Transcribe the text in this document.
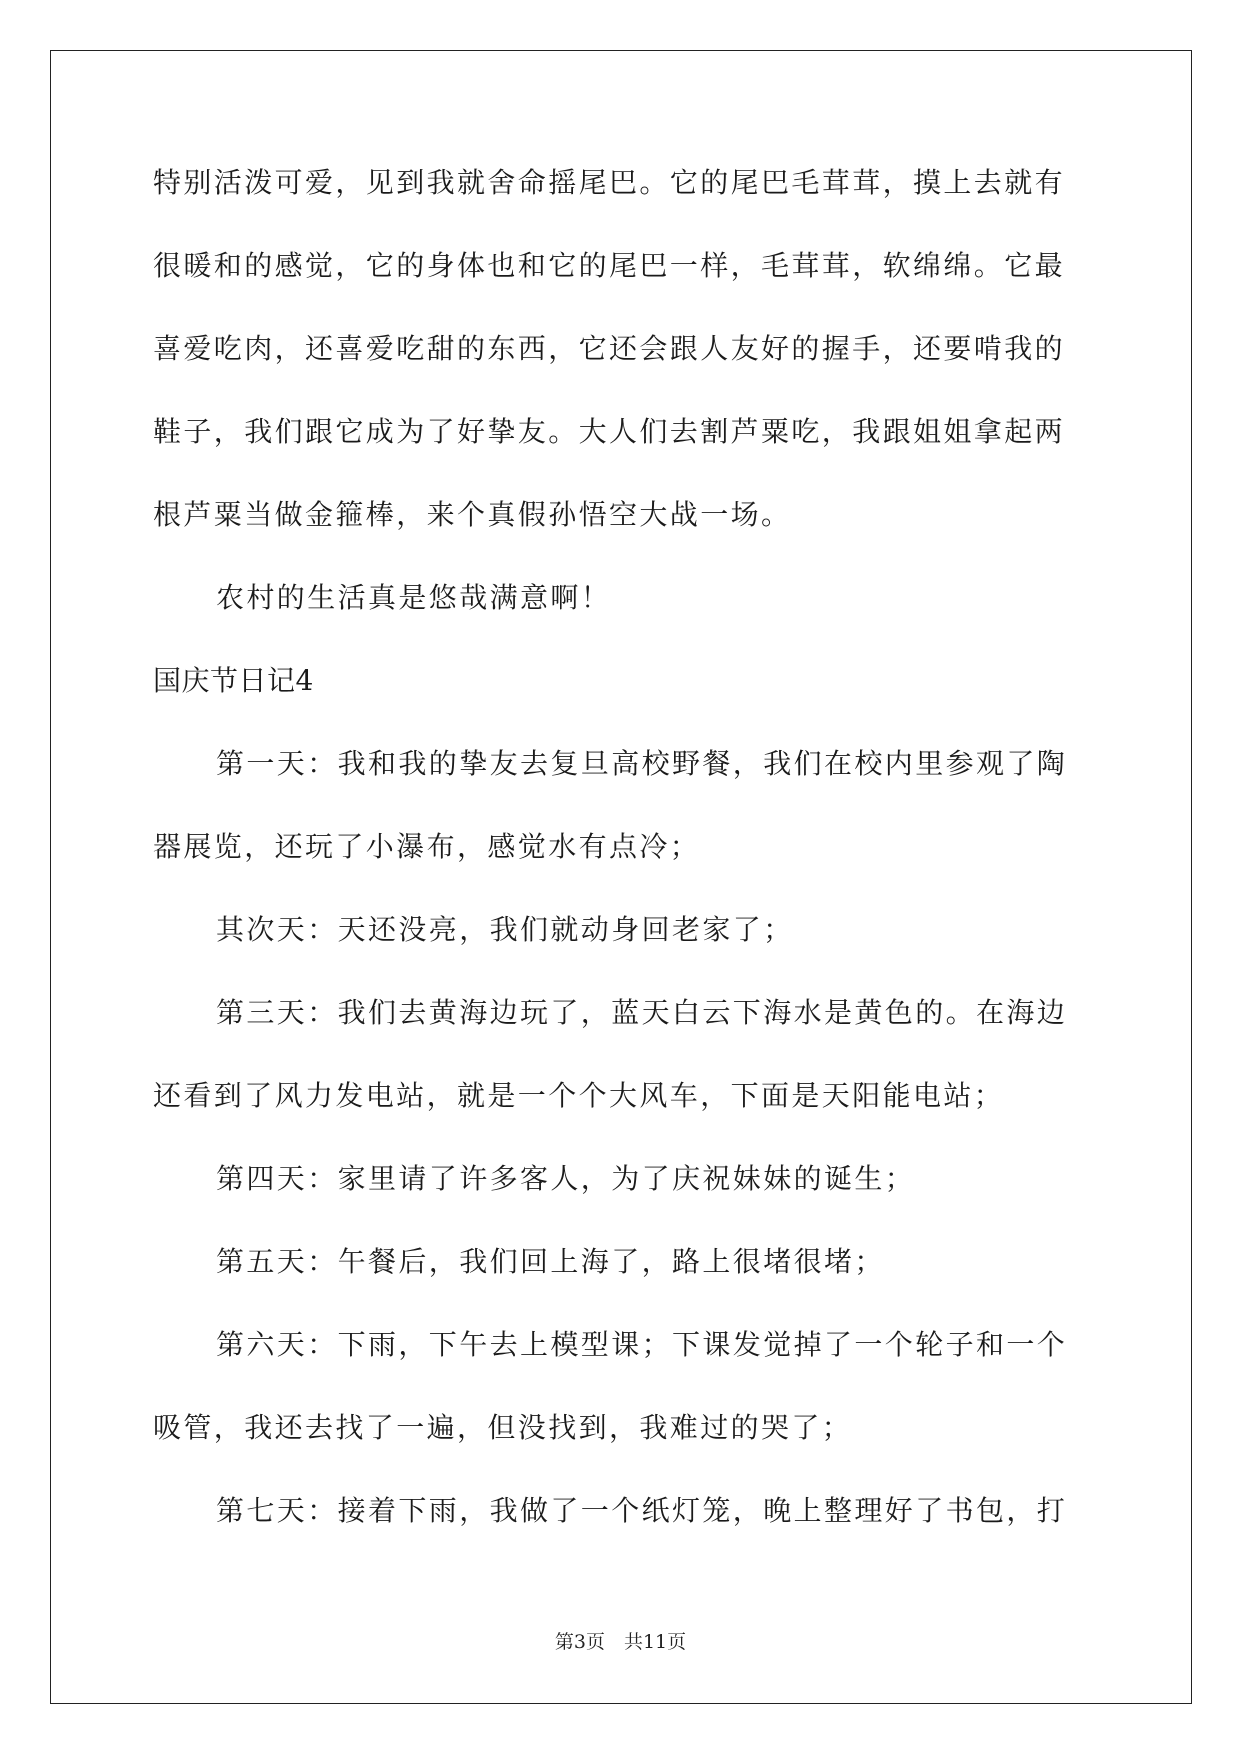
特别活泼可爱，见到我就舍命摇尾巴。它的尾巴毛茸茸，摸上去就有

很暖和的感觉，它的身体也和它的尾巴一样，毛茸茸，软绵绵。它最

喜爱吃肉，还喜爱吃甜的东西，它还会跟人友好的握手，还要啃我的

鞋子，我们跟它成为了好挚友。大人们去割芦粟吃，我跟姐姐拿起两

根芦粟当做金箍棒，来个真假孙悟空大战一场。

农村的生活真是悠哉满意啊！

国庆节日记4

第一天：我和我的挚友去复旦高校野餐，我们在校内里参观了陶

器展览，还玩了小瀑布，感觉水有点冷；

其次天：天还没亮，我们就动身回老家了；

第三天：我们去黄海边玩了，蓝天白云下海水是黄色的。在海边

还看到了风力发电站，就是一个个大风车，下面是天阳能电站；

第四天：家里请了许多客人，为了庆祝妹妹的诞生；

第五天：午餐后，我们回上海了，路上很堵很堵；

第六天：下雨，下午去上模型课；下课发觉掉了一个轮子和一个

吸管，我还去找了一遍，但没找到，我难过的哭了；

第七天：接着下雨，我做了一个纸灯笼，晚上整理好了书包，打

第3页　共11页
